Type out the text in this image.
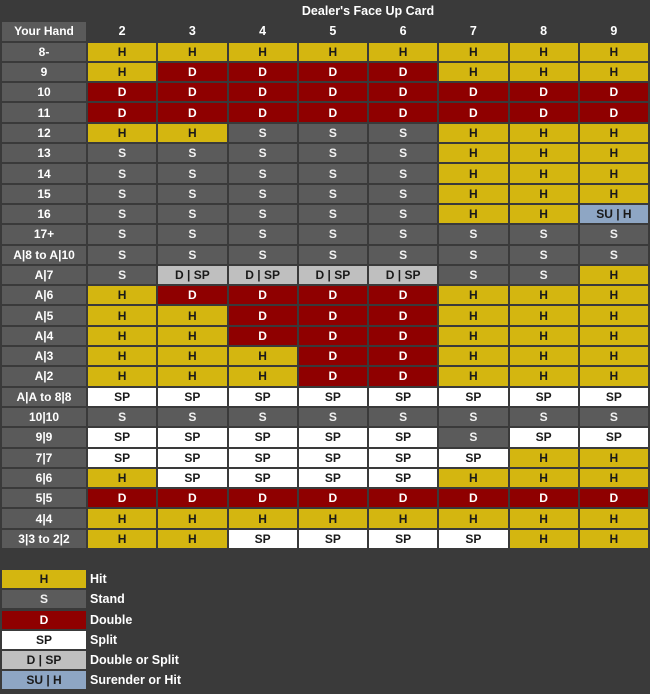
	Dealer's Face Up Card							
Your Hand	2	3	4	5	6	7	8	9
8-	H	H	H	H	H	H	H	H
9	H	D	D	D	D	H	H	H
10	D	D	D	D	D	D	D	D
11	D	D	D	D	D	D	D	D
12	H	H	S	S	S	H	H	H
13	S	S	S	S	S	H	H	H
14	S	S	S	S	S	H	H	H
15	S	S	S	S	S	H	H	H
16	S	S	S	S	S	H	H	SU | H
17+	S	S	S	S	S	S	S	S
A|8 to A|10	S	S	S	S	S	S	S	S
A|7	S	D | SP	D | SP	D | SP	D | SP	S	S	H
A|6	H	D	D	D	D	H	H	H
A|5	H	H	D	D	D	H	H	H
A|4	H	H	D	D	D	H	H	H
A|3	H	H	H	D	D	H	H	H
A|2	H	H	H	D	D	H	H	H
A|A to 8|8	SP	SP	SP	SP	SP	SP	SP	SP
10|10	S	S	S	S	S	S	S	S
9|9	SP	SP	SP	SP	SP	S	SP	SP
7|7	SP	SP	SP	SP	SP	SP	H	H
6|6	H	SP	SP	SP	SP	H	H	H
5|5	D	D	D	D	D	D	D	D
4|4	H	H	H	H	H	H	H	H
3|3 to 2|2	H	H	SP	SP	SP	SP	H	H
H	Hit
S	Stand
D	Double
SP	Split
D | SP	Double or Split
SU | H	Surender or Hit
